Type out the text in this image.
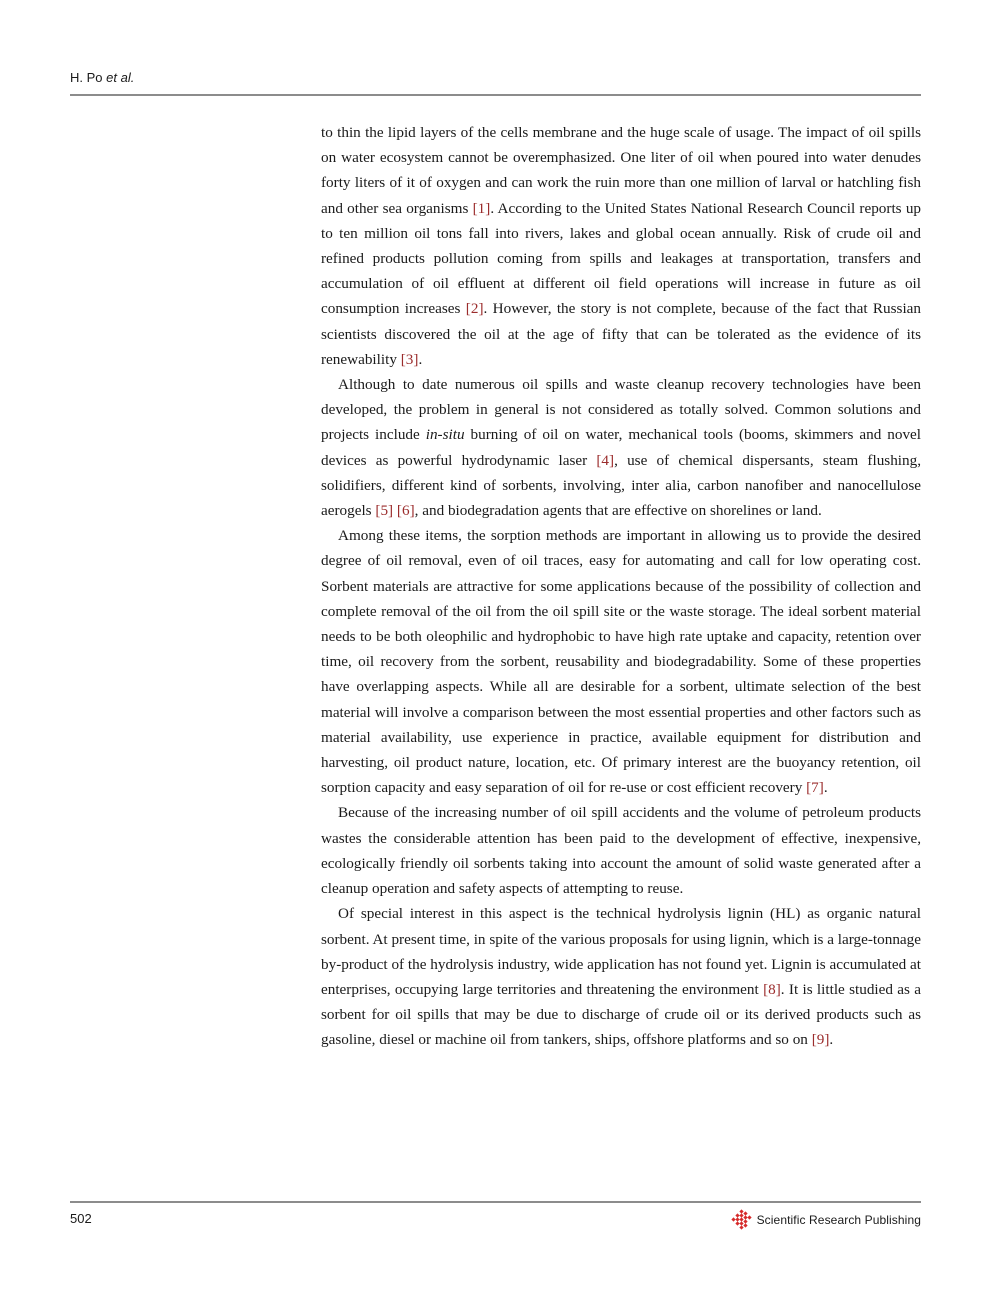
H. Po et al.

to thin the lipid layers of the cells membrane and the huge scale of usage. The impact of oil spills on water ecosystem cannot be overemphasized. One liter of oil when poured into water denudes forty liters of it of oxygen and can work the ruin more than one million of larval or hatchling fish and other sea organisms [1]. According to the United States National Research Council reports up to ten million oil tons fall into rivers, lakes and global ocean annually. Risk of crude oil and refined products pollution coming from spills and leakages at transportation, transfers and accumulation of oil effluent at different oil field operations will increase in future as oil consumption increases [2]. However, the story is not complete, because of the fact that Russian scientists discovered the oil at the age of fifty that can be tolerated as the evidence of its renewability [3].

Although to date numerous oil spills and waste cleanup recovery technologies have been developed, the problem in general is not considered as totally solved. Common solutions and projects include in-situ burning of oil on water, mechanical tools (booms, skimmers and novel devices as powerful hydrodynamic laser [4], use of chemical dispersants, steam flushing, solidifiers, different kind of sorbents, involving, inter alia, carbon nanofiber and nanocellulose aerogels [5] [6], and biodegradation agents that are effective on shorelines or land.

Among these items, the sorption methods are important in allowing us to provide the desired degree of oil removal, even of oil traces, easy for automating and call for low operating cost. Sorbent materials are attractive for some applications because of the possibility of collection and complete removal of the oil from the oil spill site or the waste storage. The ideal sorbent material needs to be both oleophilic and hydrophobic to have high rate uptake and capacity, retention over time, oil recovery from the sorbent, reusability and biodegradability. Some of these properties have overlapping aspects. While all are desirable for a sorbent, ultimate selection of the best material will involve a comparison between the most essential properties and other factors such as material availability, use experience in practice, available equipment for distribution and harvesting, oil product nature, location, etc. Of primary interest are the buoyancy retention, oil sorption capacity and easy separation of oil for re-use or cost efficient recovery [7].

Because of the increasing number of oil spill accidents and the volume of petroleum products wastes the considerable attention has been paid to the development of effective, inexpensive, ecologically friendly oil sorbents taking into account the amount of solid waste generated after a cleanup operation and safety aspects of attempting to reuse.

Of special interest in this aspect is the technical hydrolysis lignin (HL) as organic natural sorbent. At present time, in spite of the various proposals for using lignin, which is a large-tonnage by-product of the hydrolysis industry, wide application has not found yet. Lignin is accumulated at enterprises, occupying large territories and threatening the environment [8]. It is little studied as a sorbent for oil spills that may be due to discharge of crude oil or its derived products such as gasoline, diesel or machine oil from tankers, ships, offshore platforms and so on [9].

502	Scientific Research Publishing
